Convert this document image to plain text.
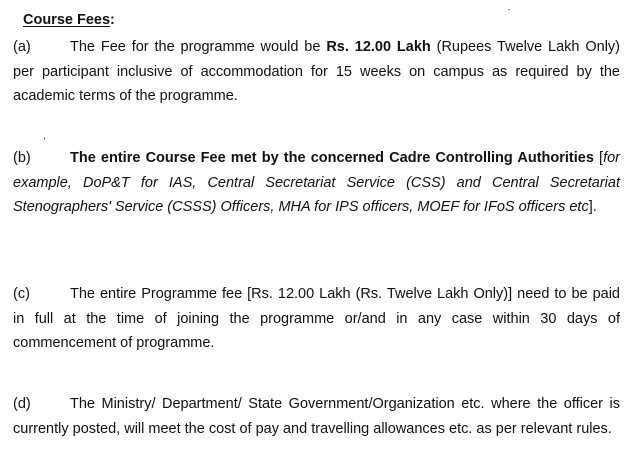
Course Fees:

(a)	The Fee for the programme would be Rs. 12.00 Lakh (Rupees Twelve Lakh Only) per participant inclusive of accommodation for 15 weeks on campus as required by the academic terms of the programme.

(b)	The entire Course Fee met by the concerned Cadre Controlling Authorities [for example, DoP&T for IAS, Central Secretariat Service (CSS) and Central Secretariat Stenographers' Service (CSSS) Officers, MHA for IPS officers, MOEF for IFoS officers etc].

(c)	The entire Programme fee [Rs. 12.00 Lakh (Rs. Twelve Lakh Only)] need to be paid in full at the time of joining the programme or/and in any case within 30 days of commencement of programme.

(d)	The Ministry/ Department/ State Government/Organization etc. where the officer is currently posted, will meet the cost of pay and travelling allowances etc. as per relevant rules.
